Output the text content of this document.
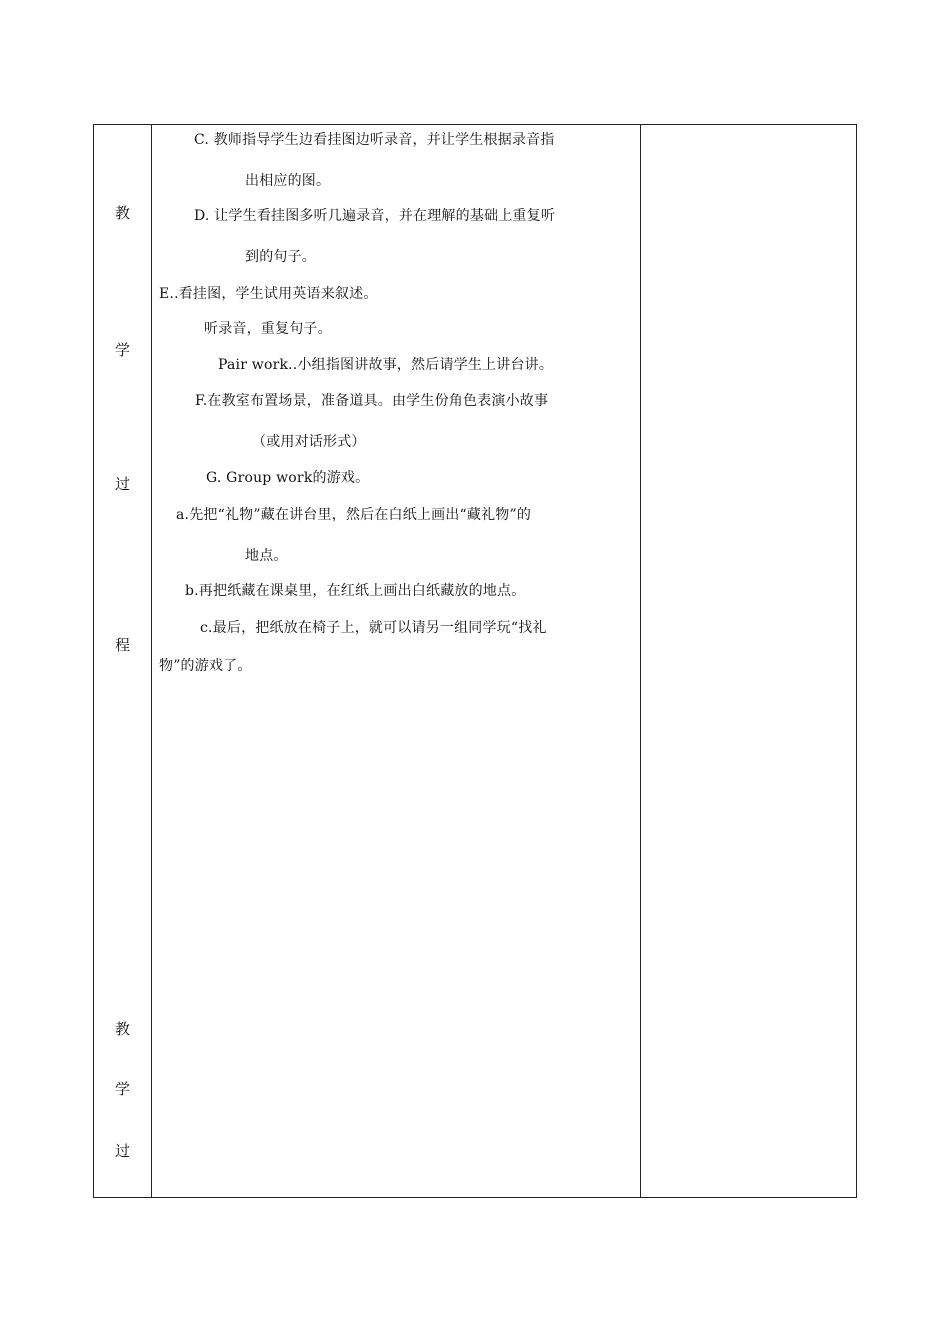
教
学
过
程
教
学
过
C. 教师指导学生边看挂图边听录音，并让学生根据录音指
出相应的图。
D. 让学生看挂图多听几遍录音，并在理解的基础上重复听
到的句子。
E..看挂图，学生试用英语来叙述。
听录音，重复句子。
Pair work..小组指图讲故事，然后请学生上讲台讲。
F.在教室布置场景，准备道具。由学生份角色表演小故事
（或用对话形式）
G. Group work的游戏。
a.先把“礼物”藏在讲台里，然后在白纸上画出“藏礼物”的
地点。
b.再把纸藏在课桌里，在红纸上画出白纸藏放的地点。
c.最后，把纸放在椅子上，就可以请另一组同学玩“找礼
物”的游戏了。
